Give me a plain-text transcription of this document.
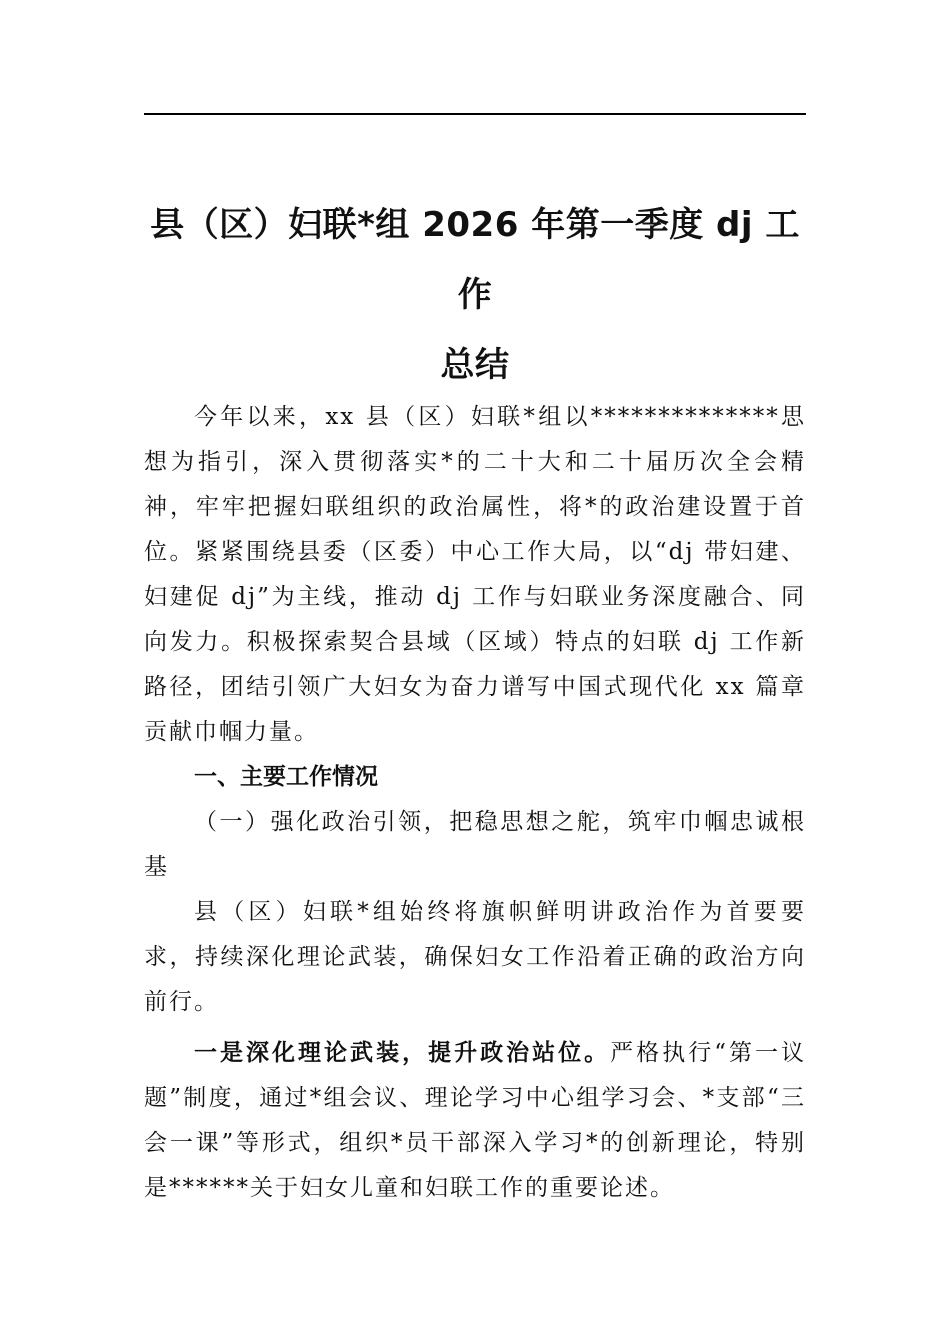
县（区）妇联*组 2026 年第一季度 dj 工作
总结

今年以来，xx 县（区）妇联*组以**************思想为指引，深入贯彻落实*的二十大和二十届历次全会精神，牢牢把握妇联组织的政治属性，将*的政治建设置于首位。紧紧围绕县委（区委）中心工作大局，以“dj 带妇建、妇建促 dj”为主线，推动 dj 工作与妇联业务深度融合、同向发力。积极探索契合县域（区域）特点的妇联 dj 工作新路径，团结引领广大妇女为奋力谱写中国式现代化 xx 篇章贡献巾帼力量。

一、主要工作情况

（一）强化政治引领，把稳思想之舵，筑牢巾帼忠诚根基

县（区）妇联*组始终将旗帜鲜明讲政治作为首要要求，持续深化理论武装，确保妇女工作沿着正确的政治方向前行。

一是深化理论武装，提升政治站位。严格执行“第一议题”制度，通过*组会议、理论学习中心组学习会、*支部“三会一课”等形式，组织*员干部深入学习*的创新理论，特别是******关于妇女儿童和妇联工作的重要论述。
